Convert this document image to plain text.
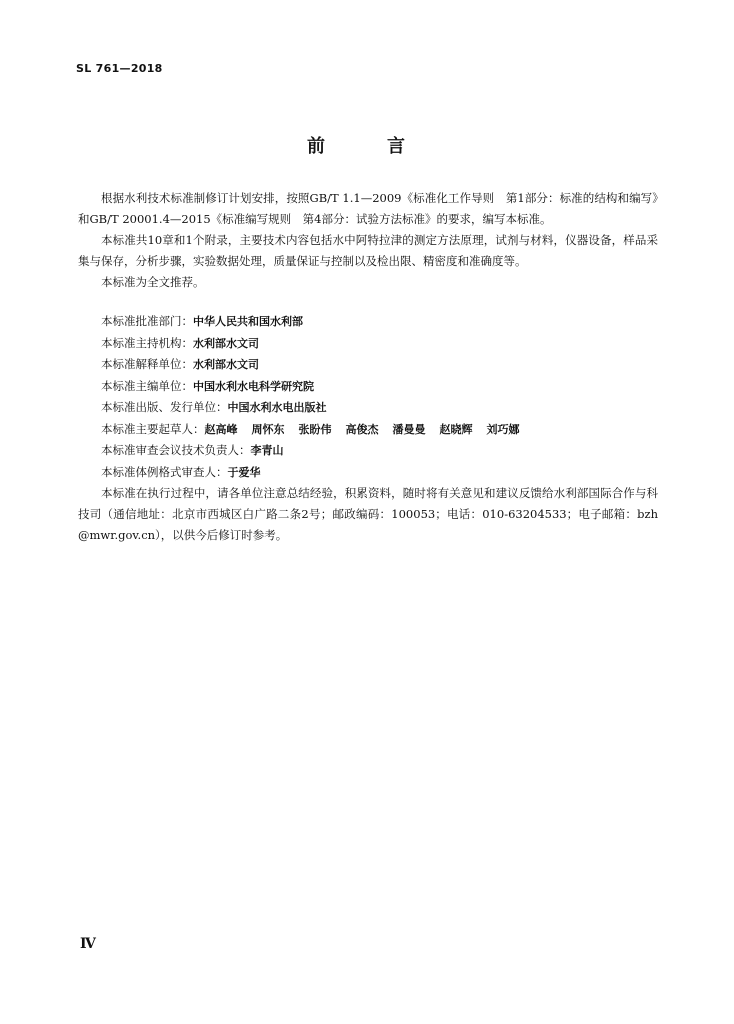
SL 761—2018
前　言

根据水利技术标准制修订计划安排，按照GB/T 1.1—2009《标准化工作导则　第1部分：标准的结构和编写》和GB/T 20001.4—2015《标准编写规则　第4部分：试验方法标准》的要求，编写本标准。

本标准共10章和1个附录，主要技术内容包括水中阿特拉津的测定方法原理，试剂与材料，仪器设备，样品采集与保存，分析步骤，实验数据处理，质量保证与控制以及检出限、精密度和准确度等。

本标准为全文推荐。

本标准批准部门：中华人民共和国水利部
本标准主持机构：水利部水文司
本标准解释单位：水利部水文司
本标准主编单位：中国水利水电科学研究院
本标准出版、发行单位：中国水利水电出版社
本标准主要起草人：赵高峰 周怀东 张盼伟 高俊杰 潘曼曼 赵晓辉 刘巧娜
本标准审查会议技术负责人：李青山
本标准体例格式审查人：于爱华

本标准在执行过程中，请各单位注意总结经验，积累资料，随时将有关意见和建议反馈给水利部国际合作与科技司（通信地址：北京市西城区白广路二条2号；邮政编码：100053；电话：010-63204533；电子邮箱：bzh@mwr.gov.cn），以供今后修订时参考。

Ⅳ
